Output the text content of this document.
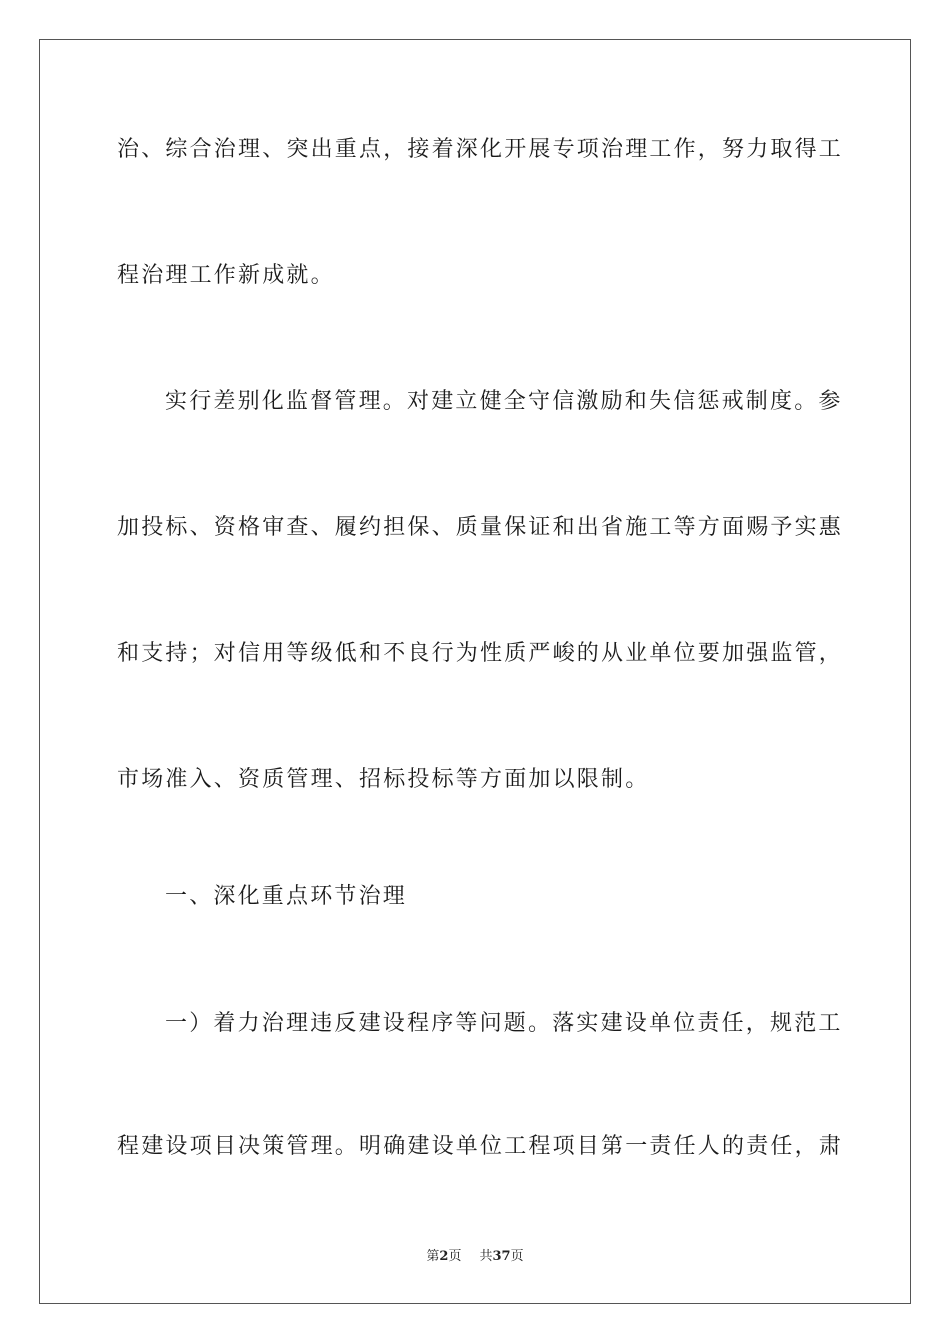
治、综合治理、突出重点，接着深化开展专项治理工作，努力取得工
程治理工作新成就。
实行差别化监督管理。对建立健全守信激励和失信惩戒制度。参
加投标、资格审查、履约担保、质量保证和出省施工等方面赐予实惠
和支持；对信用等级低和不良行为性质严峻的从业单位要加强监管，
市场准入、资质管理、招标投标等方面加以限制。
一、深化重点环节治理
一）着力治理违反建设程序等问题。落实建设单位责任，规范工
程建设项目决策管理。明确建设单位工程项目第一责任人的责任，肃
第2页 共37页
